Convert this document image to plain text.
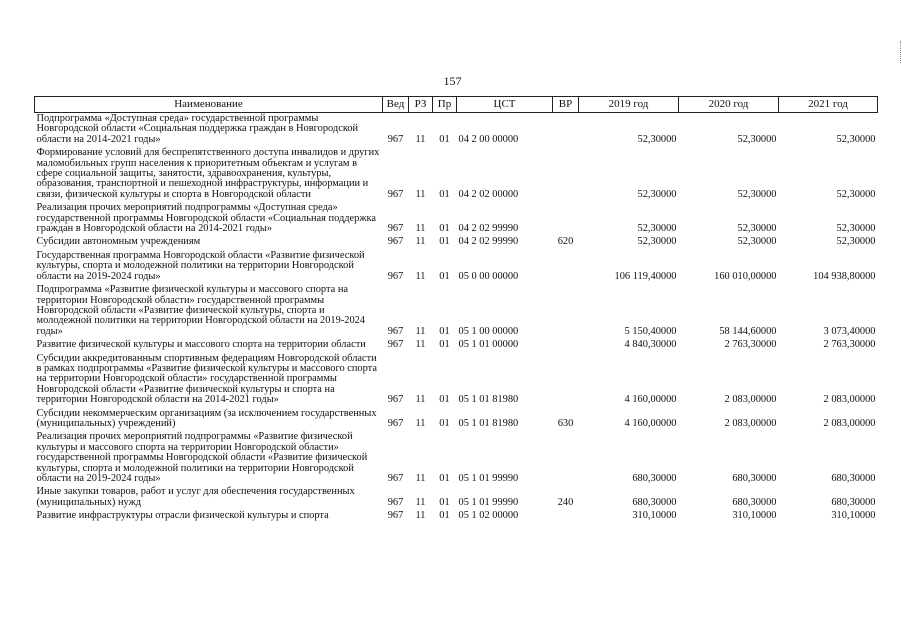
157
Наименование	Вед	РЗ	Пр	ЦСТ	ВР	2019 год	2020 год	2021 год

Подпрограмма «Доступная среда» государственной программы Новгородской области «Социальная поддержка граждан в Новгородской области на 2014-2021 годы»	967	11	01	04 2 00 00000		52,30000	52,30000	52,30000

Формирование условий для беспрепятственного доступа инвалидов и других маломобильных групп населения к приоритетным объектам и услугам в сфере социальной защиты, занятости, здравоохранения, культуры, образования, транспортной и пешеходной инфраструктуры, информации и связи, физической культуры и спорта в Новгородской области	967	11	01	04 2 02 00000		52,30000	52,30000	52,30000

Реализация прочих мероприятий подпрограммы «Доступная среда» государственной программы Новгородской области «Социальная поддержка граждан в Новгородской области на 2014-2021 годы»	967	11	01	04 2 02 99990		52,30000	52,30000	52,30000

Субсидии автономным учреждениям	967	11	01	04 2 02 99990	620	52,30000	52,30000	52,30000

Государственная программа Новгородской области «Развитие физической культуры, спорта и молодежной политики на территории Новгородской области на 2019-2024 годы»	967	11	01	05 0 00 00000		106 119,40000	160 010,00000	104 938,80000

Подпрограмма «Развитие физической культуры и массового спорта на территории Новгородской области» государственной программы Новгородской области «Развитие физической культуры, спорта и молодежной политики на территории Новгородской области на 2019-2024 годы»	967	11	01	05 1 00 00000		5 150,40000	58 144,60000	3 073,40000

Развитие физической культуры и массового спорта на территории области	967	11	01	05 1 01 00000		4 840,30000	2 763,30000	2 763,30000

Субсидии аккредитованным спортивным федерациям Новгородской области в рамках подпрограммы «Развитие физической культуры и массового спорта на территории Новгородской области» государственной программы Новгородской области «Развитие физической культуры и спорта на территории Новгородской области на 2014-2021 годы»	967	11	01	05 1 01 81980		4 160,00000	2 083,00000	2 083,00000

Субсидии некоммерческим организациям (за исключением государственных (муниципальных) учреждений)	967	11	01	05 1 01 81980	630	4 160,00000	2 083,00000	2 083,00000

Реализация прочих мероприятий подпрограммы «Развитие физической культуры и массового спорта на территории Новгородской области» государственной программы Новгородской области «Развитие физической культуры, спорта и молодежной политики на территории Новгородской области на 2019-2024 годы»	967	11	01	05 1 01 99990		680,30000	680,30000	680,30000

Иные закупки товаров, работ и услуг для обеспечения государственных (муниципальных) нужд	967	11	01	05 1 01 99990	240	680,30000	680,30000	680,30000

Развитие инфраструктуры отрасли физической культуры и спорта	967	11	01	05 1 02 00000		310,10000	310,10000	310,10000
